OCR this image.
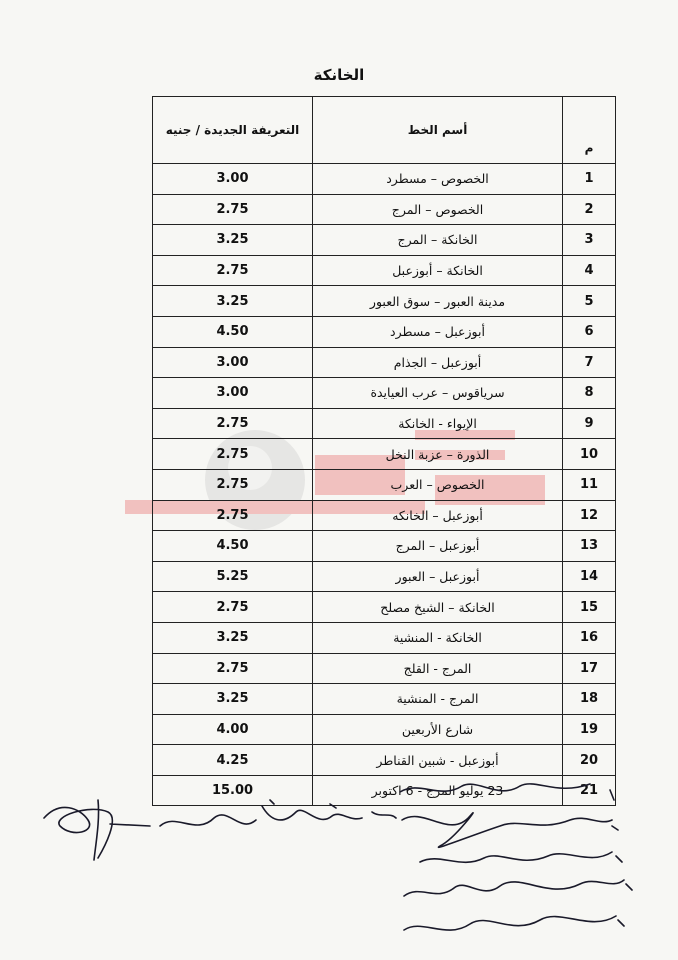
الخانكة
م	أسم الخط	التعريفة الجديدة / جنيه
1	الخصوص – مسطرد	3.00
2	الخصوص – المرج	2.75
3	الخانكة – المرج	3.25
4	الخانكة – أبوزعبل	2.75
5	مدينة العبور – سوق العبور	3.25
6	أبوزعبل – مسطرد	4.50
7	أبوزعبل – الجذام	3.00
8	سرياقوس – عرب العيايدة	3.00
9	الإيواء - الخانكة	2.75
10	الذورة – عزبة النخل	2.75
11	الخصوص – العرب	2.75
12	أبوزعبل – الخانكه	2.75
13	أبوزعبل – المرج	4.50
14	أبوزعبل – العبور	5.25
15	الخانكة – الشيخ مصلح	2.75
16	الخانكة - المنشية	3.25
17	المرج - القلج	2.75
18	المرج - المنشية	3.25
19	شارع الأربعين	4.00
20	أبوزعبل - شبين القناطر	4.25
21	23 يوليو المرج - 6 اكتوبر	15.00
